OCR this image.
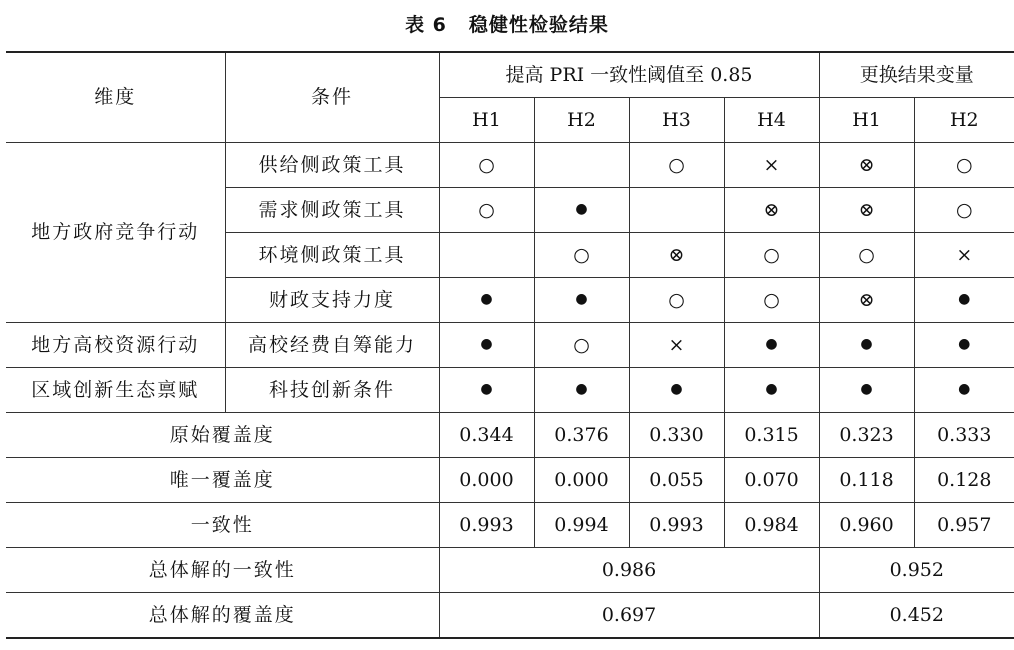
表 6 稳健性检验结果
维度	条件	提高 PRI 一致性阈值至 0.85				更换结果变量	
		H1	H2	H3	H4	H1	H2
地方政府竞争行动	供给侧政策工具	○		○	×	⊗	○
	需求侧政策工具	○	●		⊗	⊗	○
	环境侧政策工具		○	⊗	○	○	×
	财政支持力度	●	●	○	○	⊗	●
地方高校资源行动	高校经费自筹能力	●	○	×	●	●	●
区域创新生态禀赋	科技创新条件	●	●	●	●	●	●
原始覆盖度		0.344	0.376	0.330	0.315	0.323	0.333
唯一覆盖度		0.000	0.000	0.055	0.070	0.118	0.128
一致性		0.993	0.994	0.993	0.984	0.960	0.957
总体解的一致性		0.986				0.952	
总体解的覆盖度		0.697				0.452	
